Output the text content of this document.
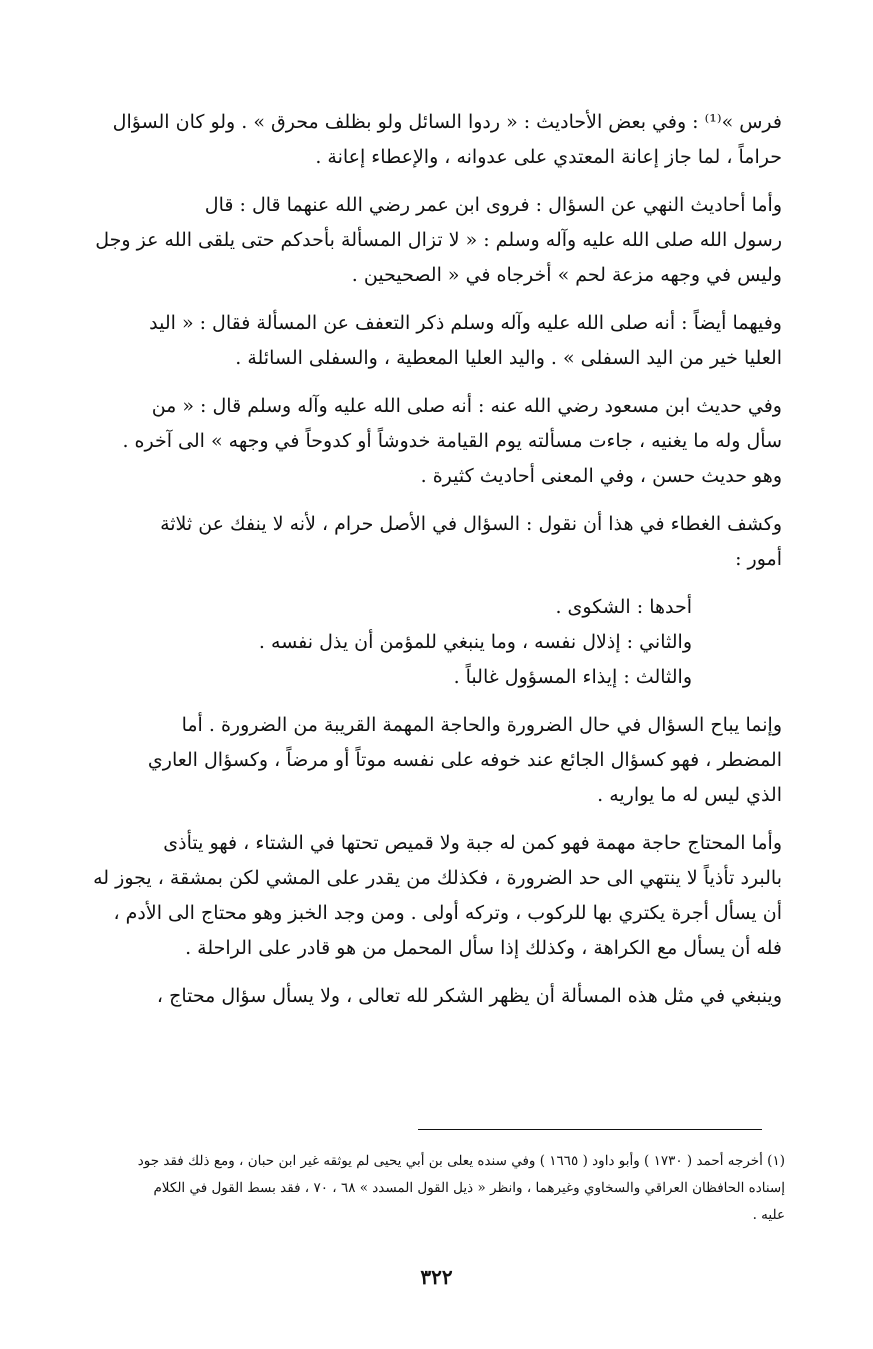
فرس »⁽¹⁾ : وفي بعض الأحاديث : « ردوا السائل ولو بظلف محرق » . ولو كان السؤال
حراماً ، لما جاز إعانة المعتدي على عدوانه ، والإعطاء إعانة .

وأما أحاديث النهي عن السؤال : فروى ابن عمر رضي الله عنهما قال : قال
رسول الله صلى الله عليه وآله وسلم : « لا تزال المسألة بأحدكم حتى يلقى الله عز وجل
وليس في وجهه مزعة لحم » أخرجاه في « الصحيحين .

وفيهما أيضاً : أنه صلى الله عليه وآله وسلم ذكر التعفف عن المسألة فقال : « اليد
العليا خير من اليد السفلى » . واليد العليا المعطية ، والسفلى السائلة .

وفي حديث ابن مسعود رضي الله عنه : أنه صلى الله عليه وآله وسلم قال : « من
سأل وله ما يغنيه ، جاءت مسألته يوم القيامة خدوشاً أو كدوحاً في وجهه » الى آخره .
وهو حديث حسن ، وفي المعنى أحاديث كثيرة .

وكشف الغطاء في هذا أن نقول : السؤال في الأصل حرام ، لأنه لا ينفك عن ثلاثة
أمور :

أحدها : الشكوى .
والثاني : إذلال نفسه ، وما ينبغي للمؤمن أن يذل نفسه .
والثالث : إيذاء المسؤول غالباً .

وإنما يباح السؤال في حال الضرورة والحاجة المهمة القريبة من الضرورة . أما
المضطر ، فهو كسؤال الجائع عند خوفه على نفسه موتاً أو مرضاً ، وكسؤال العاري
الذي ليس له ما يواريه .

وأما المحتاج حاجة مهمة فهو كمن له جبة ولا قميص تحتها في الشتاء ، فهو يتأذى
بالبرد تأذياً لا ينتهي الى حد الضرورة ، فكذلك من يقدر على المشي لكن بمشقة ، يجوز له
أن يسأل أجرة يكتري بها للركوب ، وتركه أولى . ومن وجد الخبز وهو محتاج الى الأدم ،
فله أن يسأل مع الكراهة ، وكذلك إذا سأل المحمل من هو قادر على الراحلة .

وينبغي في مثل هذه المسألة أن يظهر الشكر لله تعالى ، ولا يسأل سؤال محتاج ،

(١) أخرجه أحمد ( ١٧٣٠ ) وأبو داود ( ١٦٦٥ ) وفي سنده يعلى بن أبي يحيى لم يوثقه غير ابن حبان ، ومع ذلك فقد جود
إسناده الحافظان العراقي والسخاوي وغيرهما ، وانظر « ذيل القول المسدد » ٦٨ ، ٧٠ ، فقد بسط القول في الكلام
عليه .
٣٢٢
